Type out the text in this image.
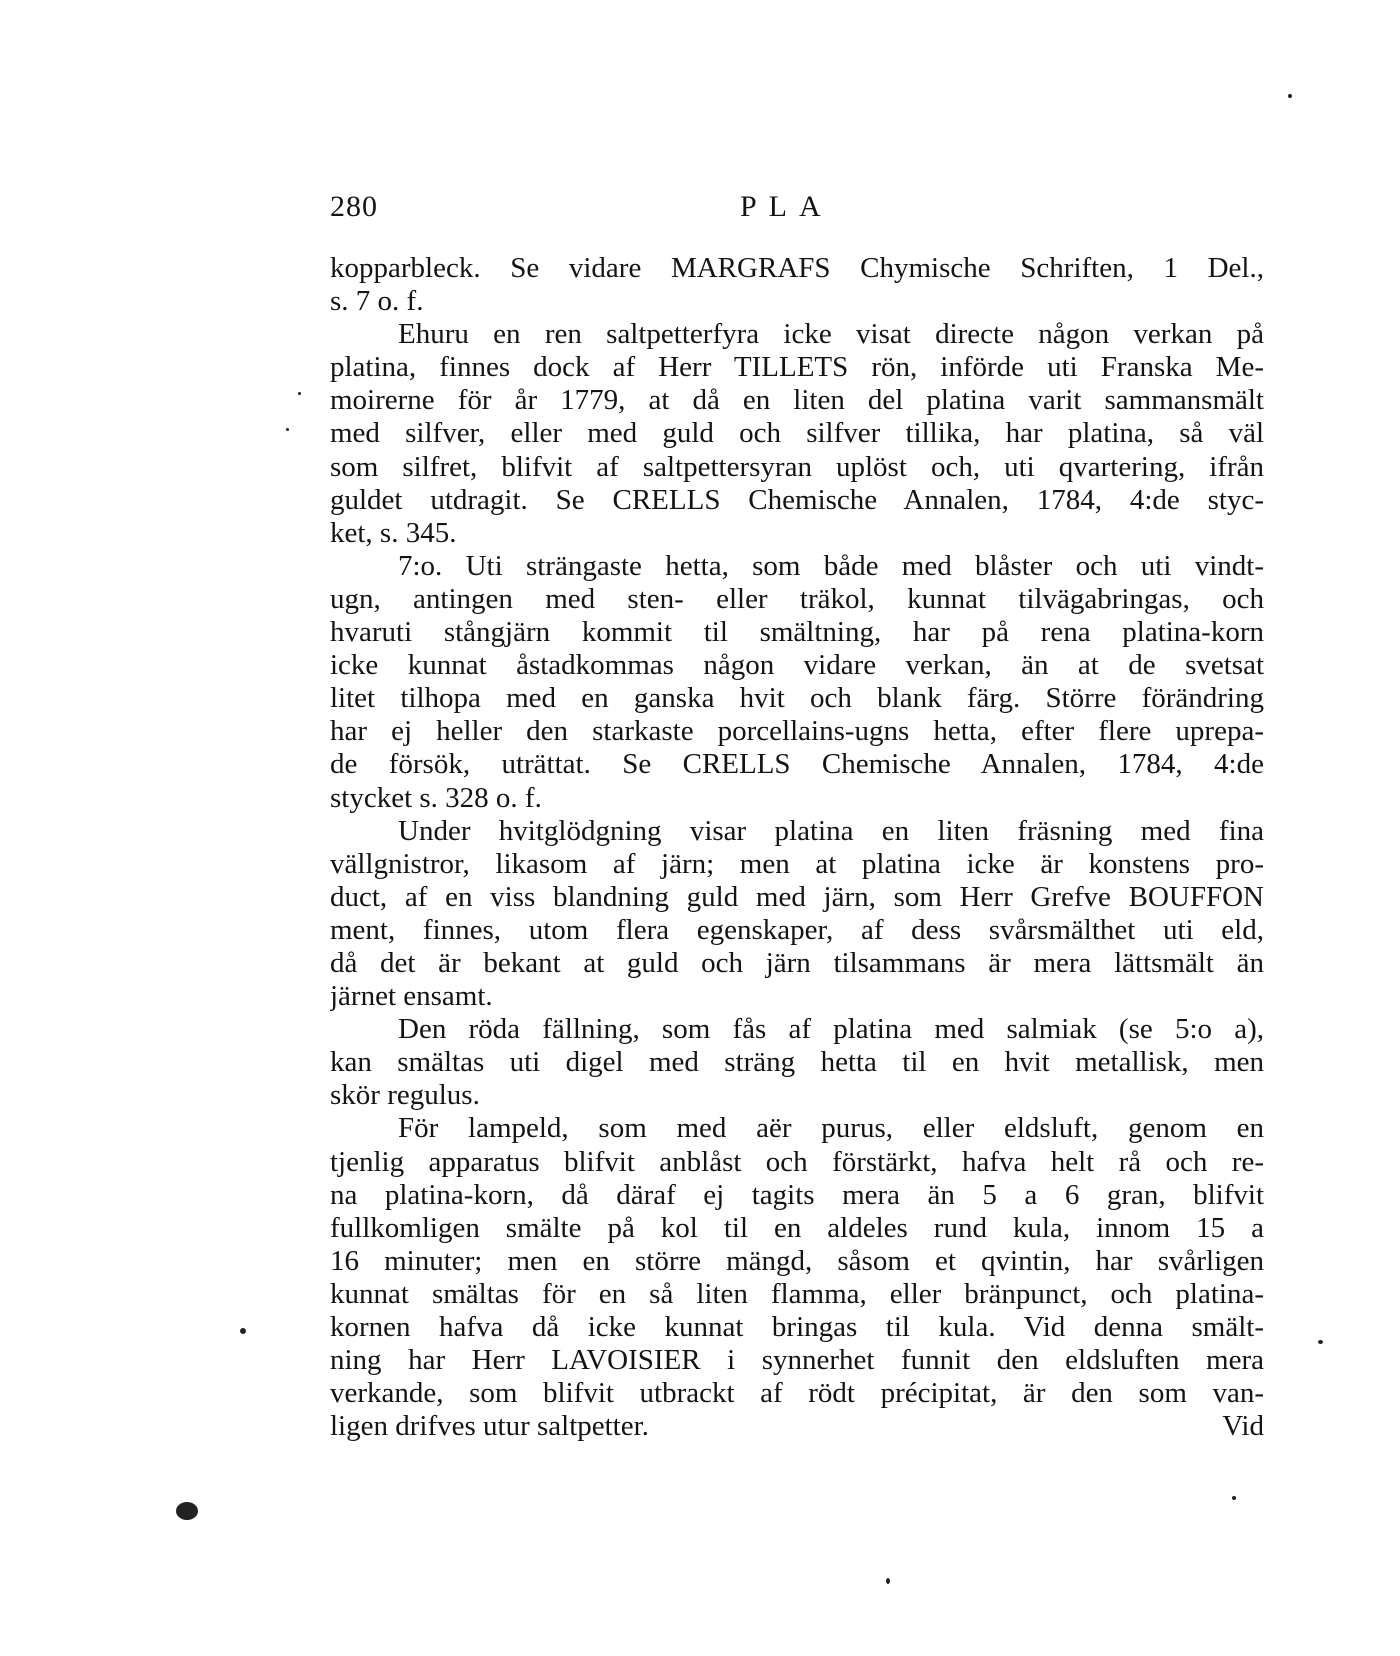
280	PLA
kopparbleck. Se vidare MARGRAFS Chymische Schriften, 1 Del.,
s. 7 o. f.
Ehuru en ren saltpetterfyra icke visat directe någon verkan på
platina, finnes dock af Herr TILLETS rön, införde uti Franska Me-
moirerne för år 1779, at då en liten del platina varit sammansmält
med silfver, eller med guld och silfver tillika, har platina, så väl
som silfret, blifvit af saltpettersyran uplöst och, uti qvartering, ifrån
guldet utdragit. Se CRELLS Chemische Annalen, 1784, 4:de styc-
ket, s. 345.
7:o. Uti strängaste hetta, som både med blåster och uti vindt-
ugn, antingen med sten- eller träkol, kunnat tilvägabringas, och
hvaruti stångjärn kommit til smältning, har på rena platina-korn
icke kunnat åstadkommas någon vidare verkan, än at de svetsat
litet tilhopa med en ganska hvit och blank färg. Större förändring
har ej heller den starkaste porcellains-ugns hetta, efter flere uprepa-
de försök, uträttat. Se CRELLS Chemische Annalen, 1784, 4:de
stycket s. 328 o. f.
Under hvitglödgning visar platina en liten fräsning med fina
vällgnistror, likasom af järn; men at platina icke är konstens pro-
duct, af en viss blandning guld med järn, som Herr Grefve BOUFFON
ment, finnes, utom flera egenskaper, af dess svårsmälthet uti eld,
då det är bekant at guld och järn tilsammans är mera lättsmält än
järnet ensamt.
Den röda fällning, som fås af platina med salmiak (se 5:o a),
kan smältas uti digel med sträng hetta til en hvit metallisk, men
skör regulus.
För lampeld, som med aër purus, eller eldsluft, genom en
tjenlig apparatus blifvit anblåst och förstärkt, hafva helt rå och re-
na platina-korn, då däraf ej tagits mera än 5 a 6 gran, blifvit
fullkomligen smälte på kol til en aldeles rund kula, innom 15 a
16 minuter; men en större mängd, såsom et qvintin, har svårligen
kunnat smältas för en så liten flamma, eller bränpunct, och platina-
kornen hafva då icke kunnat bringas til kula. Vid denna smält-
ning har Herr LAVOISIER i synnerhet funnit den eldsluften mera
verkande, som blifvit utbrackt af rödt précipitat, är den som van-
ligen drifves utur saltpetter.	Vid
